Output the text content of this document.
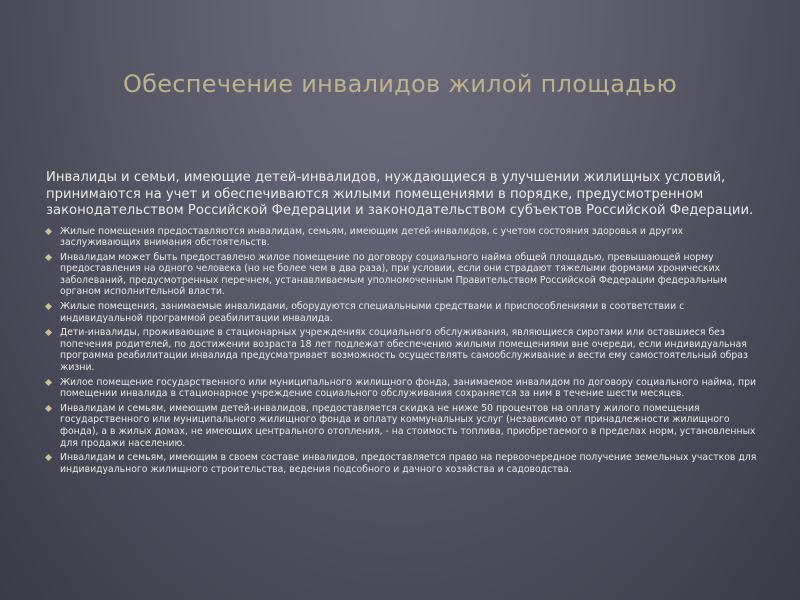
Обеспечение инвалидов жилой площадью

Инвалиды и семьи, имеющие детей-инвалидов, нуждающиеся в улучшении жилищных условий, принимаются на учет и обеспечиваются жилыми помещениями в порядке, предусмотренном законодательством Российской Федерации и законодательством субъектов Российской Федерации.

Жилые помещения предоставляются инвалидам, семьям, имеющим детей-инвалидов, с учетом состояния здоровья и других заслуживающих внимания обстоятельств.
Инвалидам может быть предоставлено жилое помещение по договору социального найма общей площадью, превышающей норму предоставления на одного человека (но не более чем в два раза), при условии, если они страдают тяжелыми формами хронических заболеваний, предусмотренных перечнем, устанавливаемым уполномоченным Правительством Российской Федерации федеральным органом исполнительной власти.
Жилые помещения, занимаемые инвалидами, оборудуются специальными средствами и приспособлениями в соответствии с индивидуальной программой реабилитации инвалида.
Дети-инвалиды, проживающие в стационарных учреждениях социального обслуживания, являющиеся сиротами или оставшиеся без попечения родителей, по достижении возраста 18 лет подлежат обеспечению жилыми помещениями вне очереди, если индивидуальная программа реабилитации инвалида предусматривает возможность осуществлять самообслуживание и вести ему самостоятельный образ жизни.
Жилое помещение государственного или муниципального жилищного фонда, занимаемое инвалидом по договору социального найма, при помещении инвалида в стационарное учреждение социального обслуживания сохраняется за ним в течение шести месяцев.
Инвалидам и семьям, имеющим детей-инвалидов, предоставляется скидка не ниже 50 процентов на оплату жилого помещения государственного или муниципального жилищного фонда и оплату коммунальных услуг (независимо от принадлежности жилищного фонда), а в жилых домах, не имеющих центрального отопления, - на стоимость топлива, приобретаемого в пределах норм, установленных для продажи населению.
Инвалидам и семьям, имеющим в своем составе инвалидов, предоставляется право на первоочередное получение земельных участков для индивидуального жилищного строительства, ведения подсобного и дачного хозяйства и садоводства.
